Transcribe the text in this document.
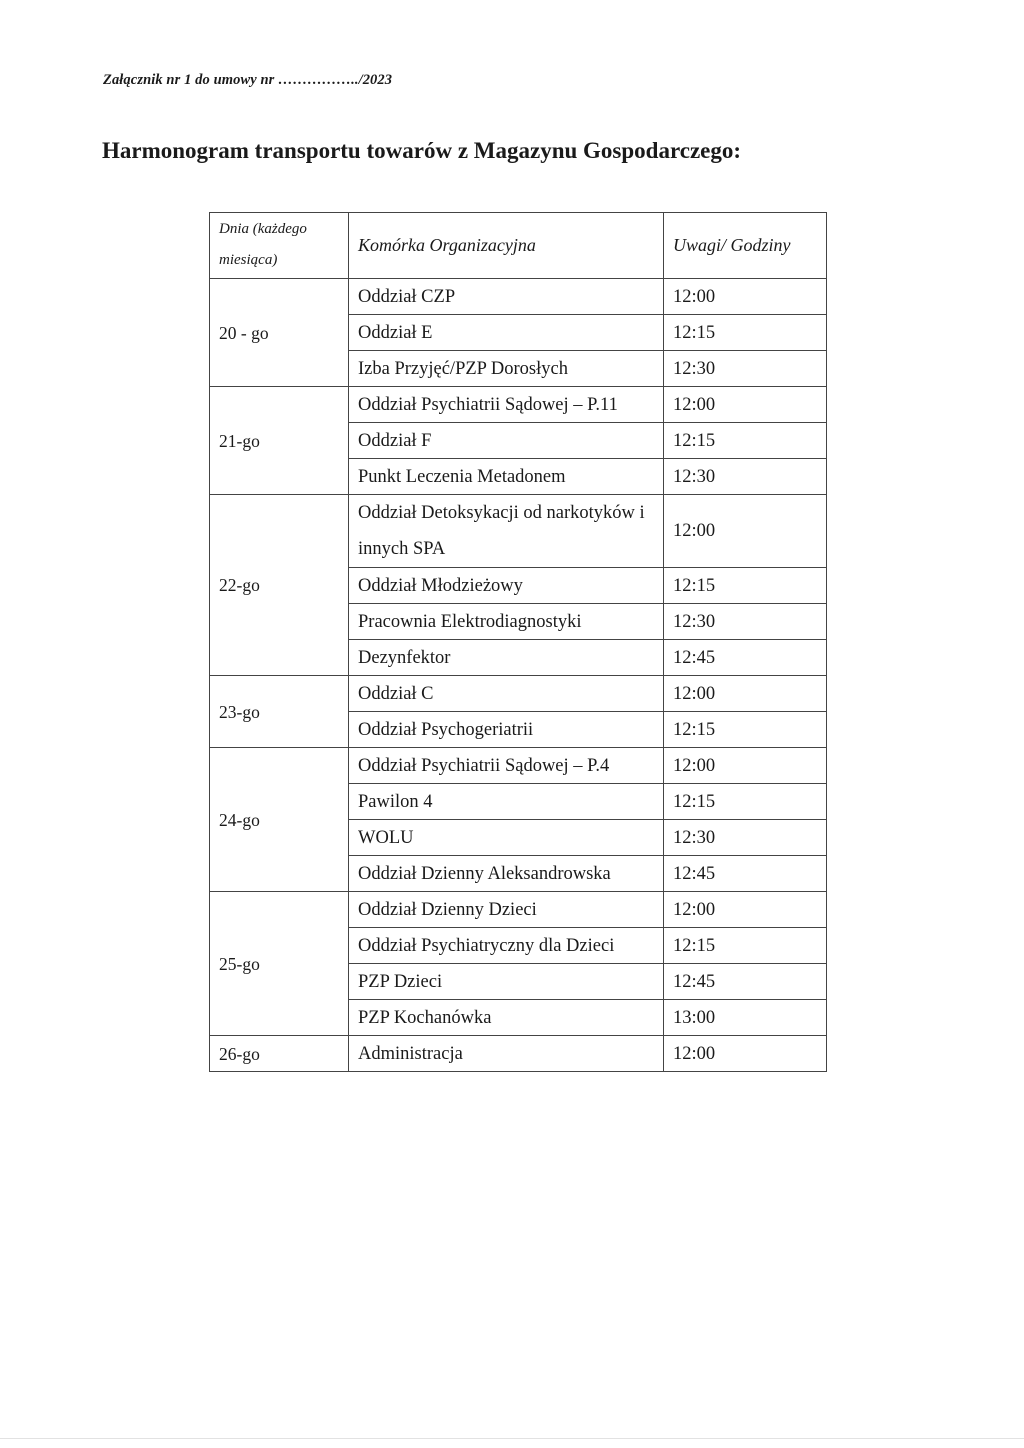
Załącznik nr 1 do umowy nr ……………../2023
Harmonogram transportu towarów z Magazynu Gospodarczego:
Dnia (każdego miesiąca)	Komórka Organizacyjna	Uwagi/ Godziny
20 - go	Oddział CZP	12:00
	Oddział E	12:15
	Izba Przyjęć/PZP Dorosłych	12:30
21-go	Oddział Psychiatrii Sądowej – P.11	12:00
	Oddział F	12:15
	Punkt Leczenia Metadonem	12:30
22-go	Oddział Detoksykacji od narkotyków i innych SPA	12:00
	Oddział Młodzieżowy	12:15
	Pracownia Elektrodiagnostyki	12:30
	Dezynfektor	12:45
23-go	Oddział C	12:00
	Oddział Psychogeriatrii	12:15
24-go	Oddział Psychiatrii Sądowej – P.4	12:00
	Pawilon 4	12:15
	WOLU	12:30
	Oddział Dzienny Aleksandrowska	12:45
25-go	Oddział Dzienny Dzieci	12:00
	Oddział Psychiatryczny dla Dzieci	12:15
	PZP Dzieci	12:45
	PZP Kochanówka	13:00
26-go	Administracja	12:00
